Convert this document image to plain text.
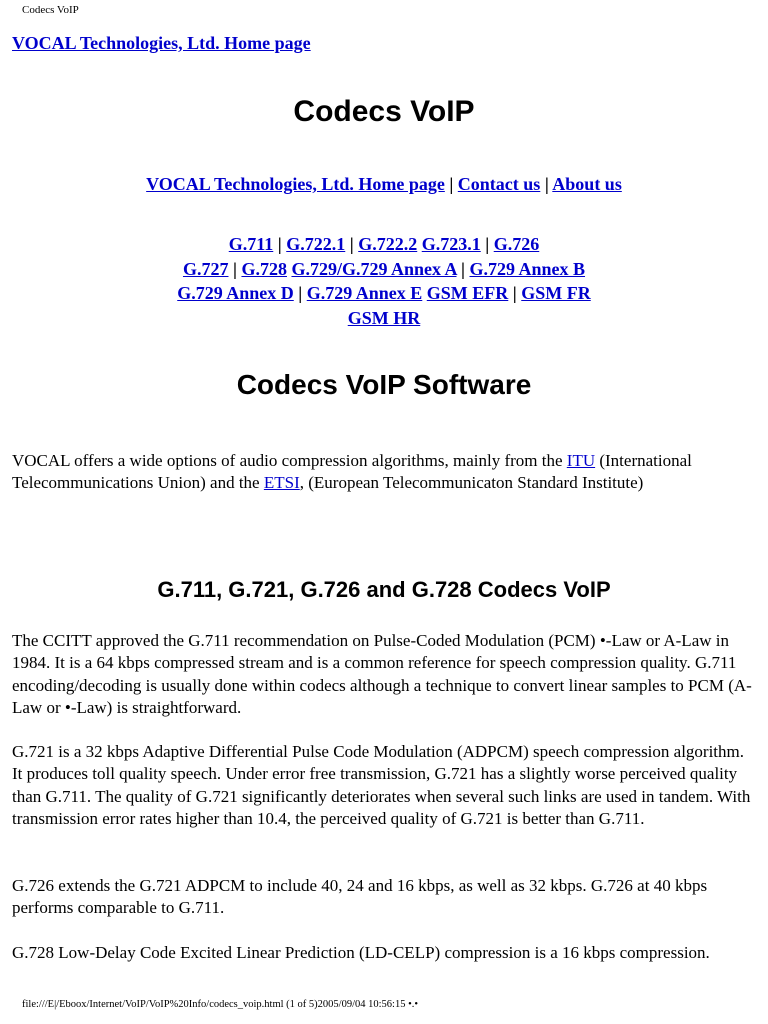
Codecs VoIP
VOCAL Technologies, Ltd. Home page
Codecs VoIP
VOCAL Technologies, Ltd. Home page | Contact us | About us
G.711 | G.722.1 | G.722.2 G.723.1 | G.726
G.727 | G.728 G.729/G.729 Annex A | G.729 Annex B
G.729 Annex D | G.729 Annex E GSM EFR | GSM FR
GSM HR
Codecs VoIP Software

VOCAL offers a wide options of audio compression algorithms, mainly from the ITU (International Telecommunications Union) and the ETSI, (European Telecommunicaton Standard Institute)

G.711, G.721, G.726 and G.728 Codecs VoIP

The CCITT approved the G.711 recommendation on Pulse-Coded Modulation (PCM) •-Law or A-Law in 1984. It is a 64 kbps compressed stream and is a common reference for speech compression quality. G.711 encoding/decoding is usually done within codecs although a technique to convert linear samples to PCM (A-Law or •-Law) is straightforward.

G.721 is a 32 kbps Adaptive Differential Pulse Code Modulation (ADPCM) speech compression algorithm. It produces toll quality speech. Under error free transmission, G.721 has a slightly worse perceived quality than G.711. The quality of G.721 significantly deteriorates when several such links are used in tandem. With transmission error rates higher than 10.4, the perceived quality of G.721 is better than G.711.

G.726 extends the G.721 ADPCM to include 40, 24 and 16 kbps, as well as 32 kbps. G.726 at 40 kbps performs comparable to G.711.

G.728 Low-Delay Code Excited Linear Prediction (LD-CELP) compression is a 16 kbps compression.

file:///E|/Eboox/Internet/VoIP/VoIP%20Info/codecs_voip.html (1 of 5)2005/09/04 10:56:15 •.•
